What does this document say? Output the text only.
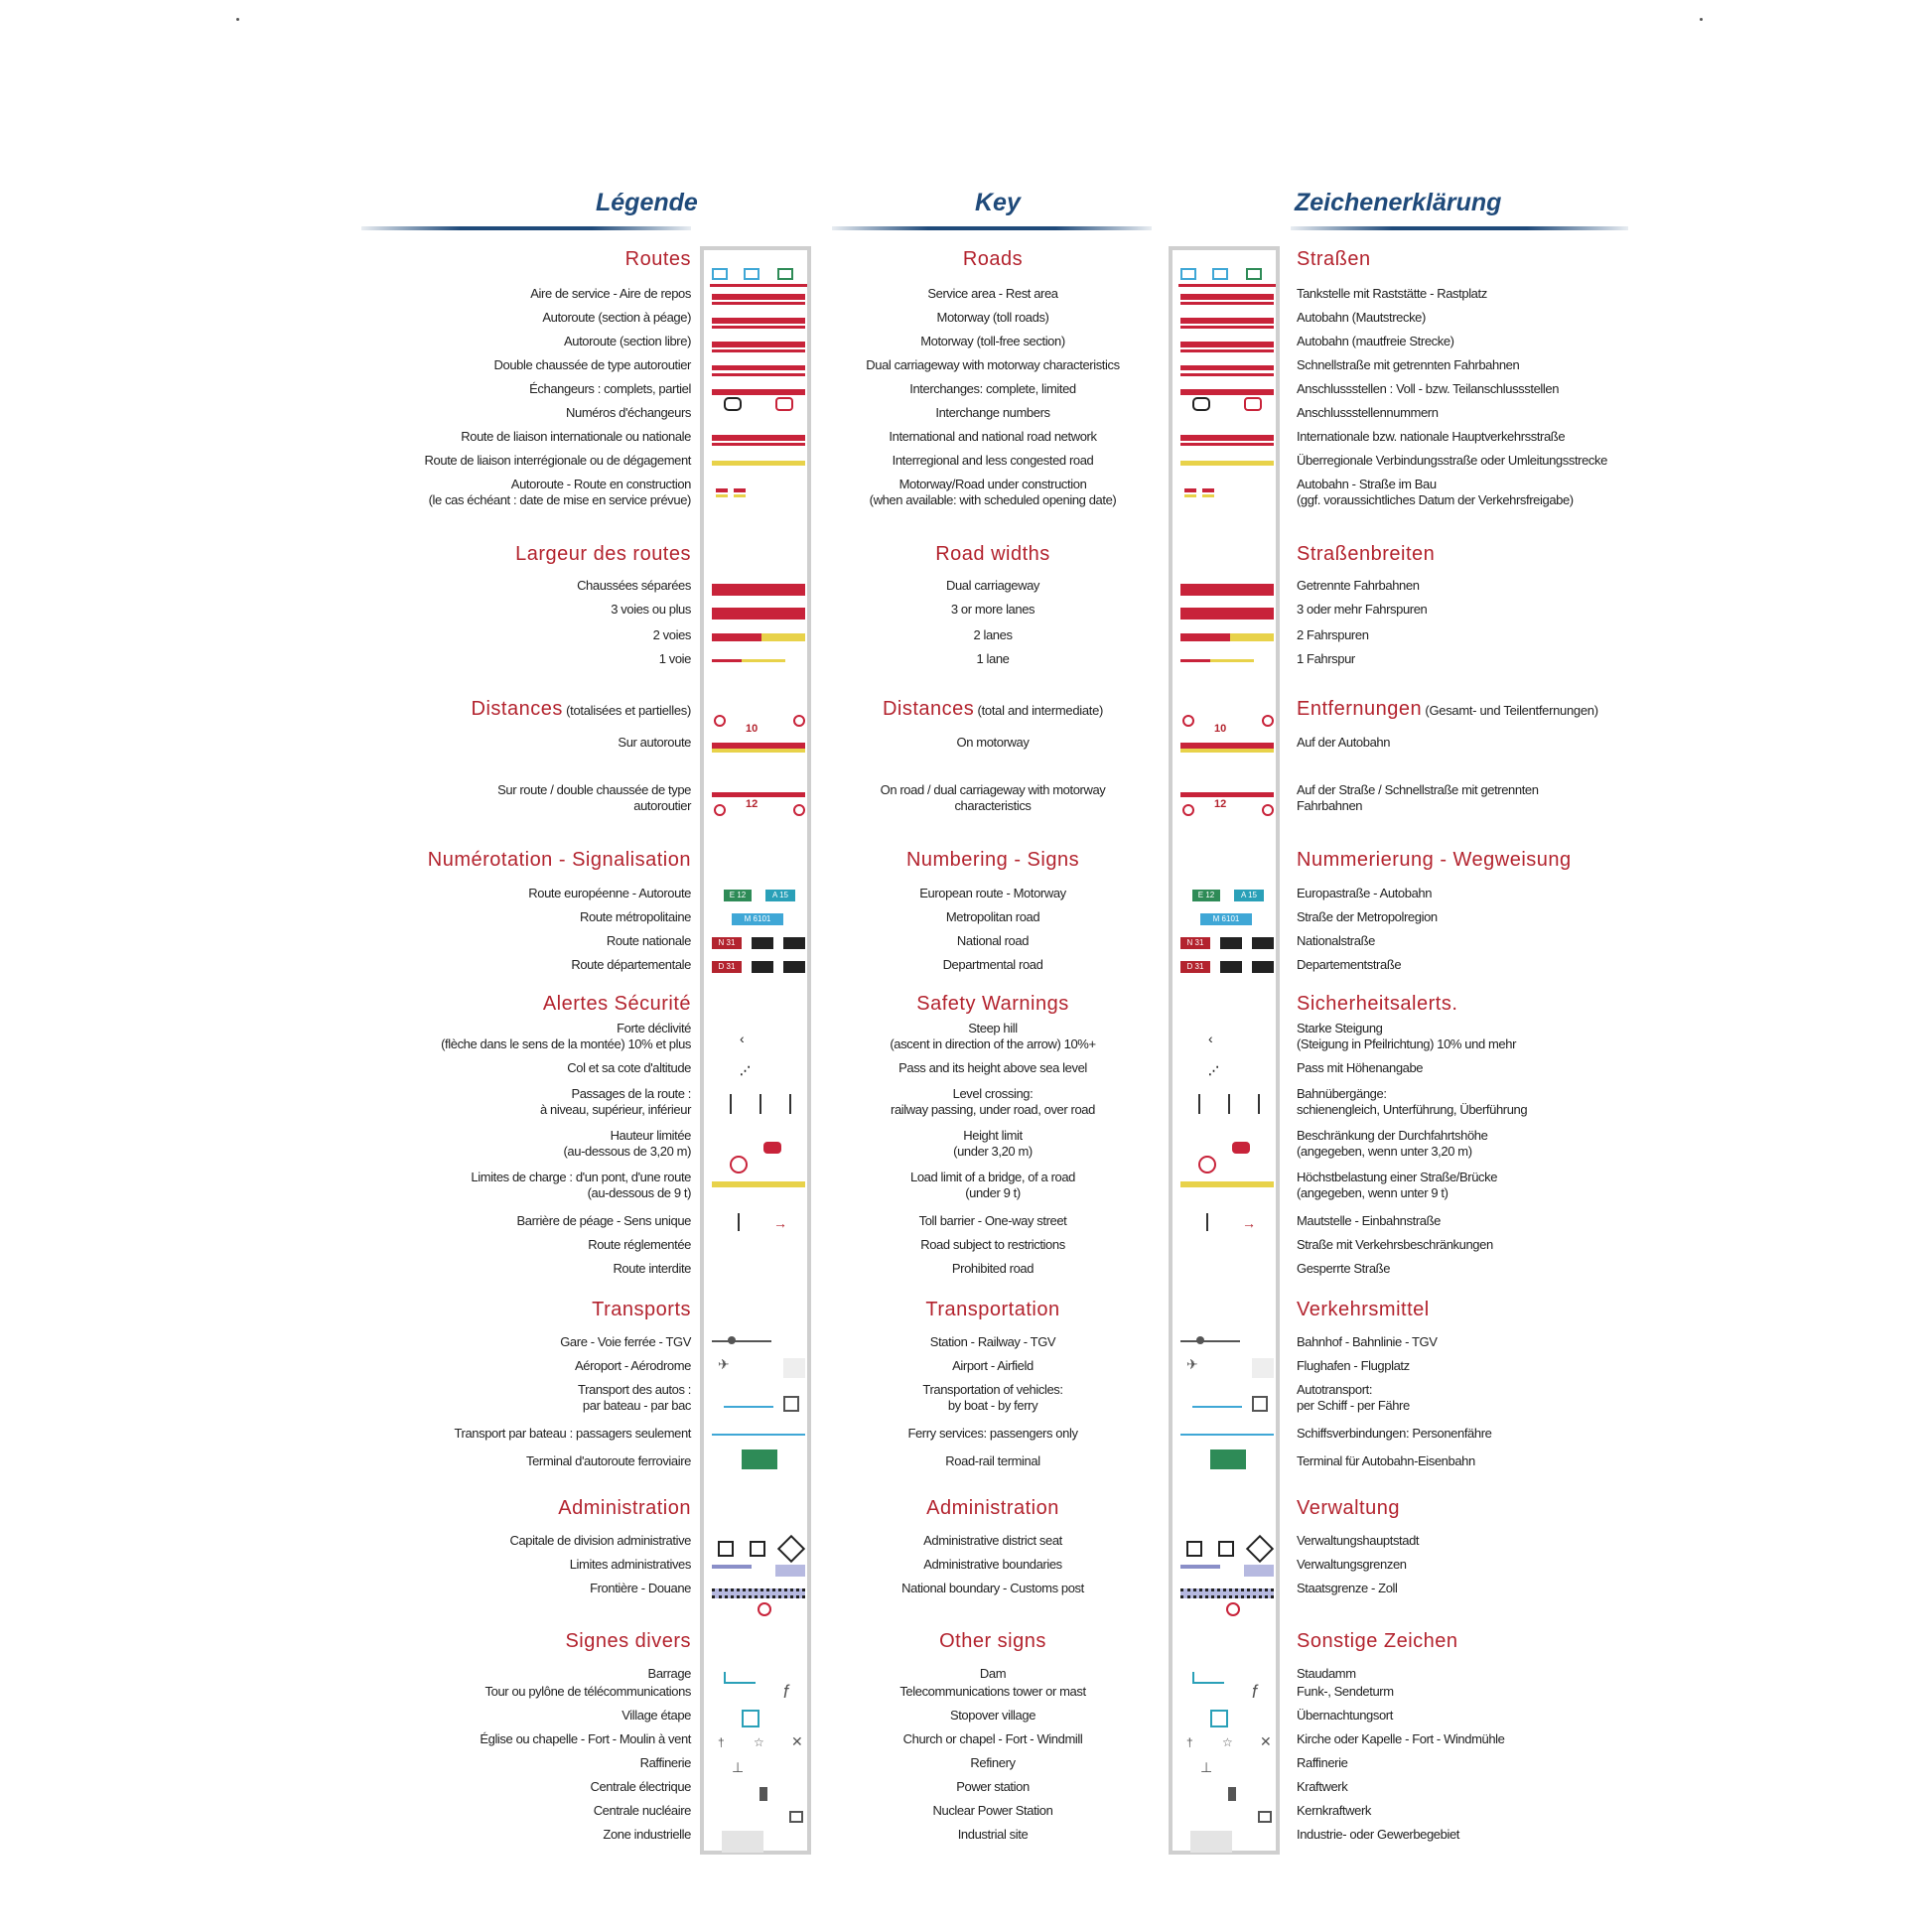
Légende	Key	Zeichenerklärung
10
12
E 12	A 15
M 6101
N 31
D 31
‹
⋰
→
✈
f
† ☆ ✕
⊥
10
12
E 12	A 15
M 6101
N 31
D 31
‹
⋰
→
✈
f
† ☆ ✕
⊥
Routes
Largeur des routes
Distances (totalisées et partielles)
Numérotation - Signalisation
Alertes Sécurité
Transports
Administration
Signes divers
Aire de service - Aire de repos
Autoroute (section à péage)
Autoroute (section libre)
Double chaussée de type autoroutier
Échangeurs : complets, partiel
Numéros d'échangeurs
Route de liaison internationale ou nationale
Route de liaison interrégionale ou de dégagement
Autoroute - Route en construction
(le cas échéant : date de mise en service prévue)
Chaussées séparées
3 voies ou plus
2 voies
1 voie
Sur autoroute
Sur route / double chaussée de type
autoroutier
Route européenne - Autoroute
Route métropolitaine
Route nationale
Route départementale
Forte déclivité
(flèche dans le sens de la montée) 10% et plus
Col et sa cote d'altitude
Passages de la route :
à niveau, supérieur, inférieur
Hauteur limitée
(au-dessous de 3,20 m)
Limites de charge : d'un pont, d'une route
(au-dessous de 9 t)
Barrière de péage - Sens unique
Route réglementée
Route interdite
Gare - Voie ferrée - TGV
Aéroport - Aérodrome
Transport des autos :
par bateau - par bac
Transport par bateau : passagers seulement
Terminal d'autoroute ferroviaire
Capitale de division administrative
Limites administratives
Frontière - Douane
Barrage
Tour ou pylône de télécommunications
Village étape
Église ou chapelle - Fort - Moulin à vent
Raffinerie
Centrale électrique
Centrale nucléaire
Zone industrielle
Roads
Road widths
Distances (total and intermediate)
Numbering - Signs
Safety Warnings
Transportation
Administration
Other signs
Service area - Rest area
Motorway (toll roads)
Motorway (toll-free section)
Dual carriageway with motorway characteristics
Interchanges: complete, limited
Interchange numbers
International and national road network
Interregional and less congested road
Motorway/Road under construction
(when available: with scheduled opening date)
Dual carriageway
3 or more lanes
2 lanes
1 lane
On motorway
On road / dual carriageway with motorway
characteristics
European route - Motorway
Metropolitan road
National road
Departmental road
Steep hill
(ascent in direction of the arrow) 10%+
Pass and its height above sea level
Level crossing:
railway passing, under road, over road
Height limit
(under 3,20 m)
Load limit of a bridge, of a road
(under 9 t)
Toll barrier - One-way street
Road subject to restrictions
Prohibited road
Station - Railway - TGV
Airport - Airfield
Transportation of vehicles:
by boat - by ferry
Ferry services: passengers only
Road-rail terminal
Administrative district seat
Administrative boundaries
National boundary - Customs post
Dam
Telecommunications tower or mast
Stopover village
Church or chapel - Fort - Windmill
Refinery
Power station
Nuclear Power Station
Industrial site
Straßen
Straßenbreiten
Entfernungen (Gesamt- und Teilentfernungen)
Nummerierung - Wegweisung
Sicherheitsalerts.
Verkehrsmittel
Verwaltung
Sonstige Zeichen
Tankstelle mit Raststätte - Rastplatz
Autobahn (Mautstrecke)
Autobahn (mautfreie Strecke)
Schnellstraße mit getrennten Fahrbahnen
Anschlussstellen : Voll - bzw. Teilanschlussstellen
Anschlussstellennummern
Internationale bzw. nationale Hauptverkehrsstraße
Überregionale Verbindungsstraße oder Umleitungsstrecke
Autobahn - Straße im Bau
(ggf. voraussichtliches Datum der Verkehrsfreigabe)
Getrennte Fahrbahnen
3 oder mehr Fahrspuren
2 Fahrspuren
1 Fahrspur
Auf der Autobahn
Auf der Straße / Schnellstraße mit getrennten
Fahrbahnen
Europastraße - Autobahn
Straße der Metropolregion
Nationalstraße
Departementstraße
Starke Steigung
(Steigung in Pfeilrichtung) 10% und mehr
Pass mit Höhenangabe
Bahnübergänge:
schienengleich, Unterführung, Überführung
Beschränkung der Durchfahrtshöhe
(angegeben, wenn unter 3,20 m)
Höchstbelastung einer Straße/Brücke
(angegeben, wenn unter 9 t)
Mautstelle - Einbahnstraße
Straße mit Verkehrsbeschränkungen
Gesperrte Straße
Bahnhof - Bahnlinie - TGV
Flughafen - Flugplatz
Autotransport:
per Schiff - per Fähre
Schiffsverbindungen: Personenfähre
Terminal für Autobahn-Eisenbahn
Verwaltungshauptstadt
Verwaltungsgrenzen
Staatsgrenze - Zoll
Staudamm
Funk-, Sendeturm
Übernachtungsort
Kirche oder Kapelle - Fort - Windmühle
Raffinerie
Kraftwerk
Kernkraftwerk
Industrie- oder Gewerbegebiet
